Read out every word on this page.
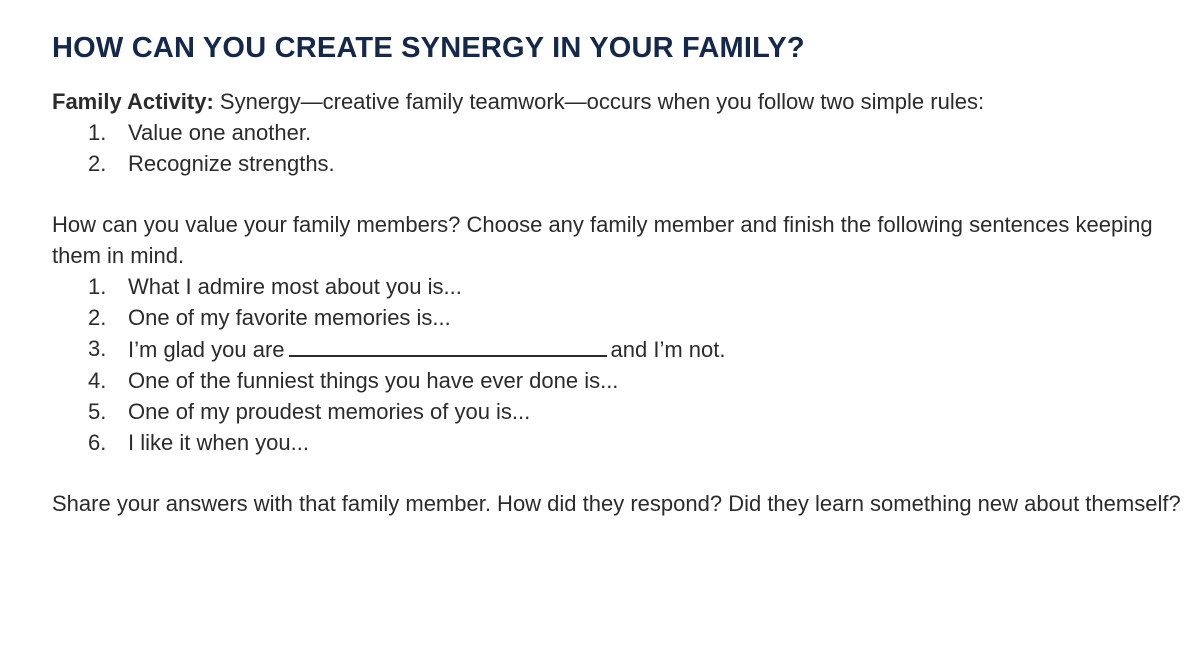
HOW CAN YOU CREATE SYNERGY IN YOUR FAMILY?

Family Activity: Synergy—creative family teamwork—occurs when you follow two simple rules:

1. Value one another.
2. Recognize strengths.

How can you value your family members? Choose any family member and finish the following sentences keeping them in mind.

1. What I admire most about you is...
2. One of my favorite memories is...
3. I’m glad you are	and I’m not.
4. One of the funniest things you have ever done is...
5. One of my proudest memories of you is...
6. I like it when you...

Share your answers with that family member. How did they respond? Did they learn something new about themself?
